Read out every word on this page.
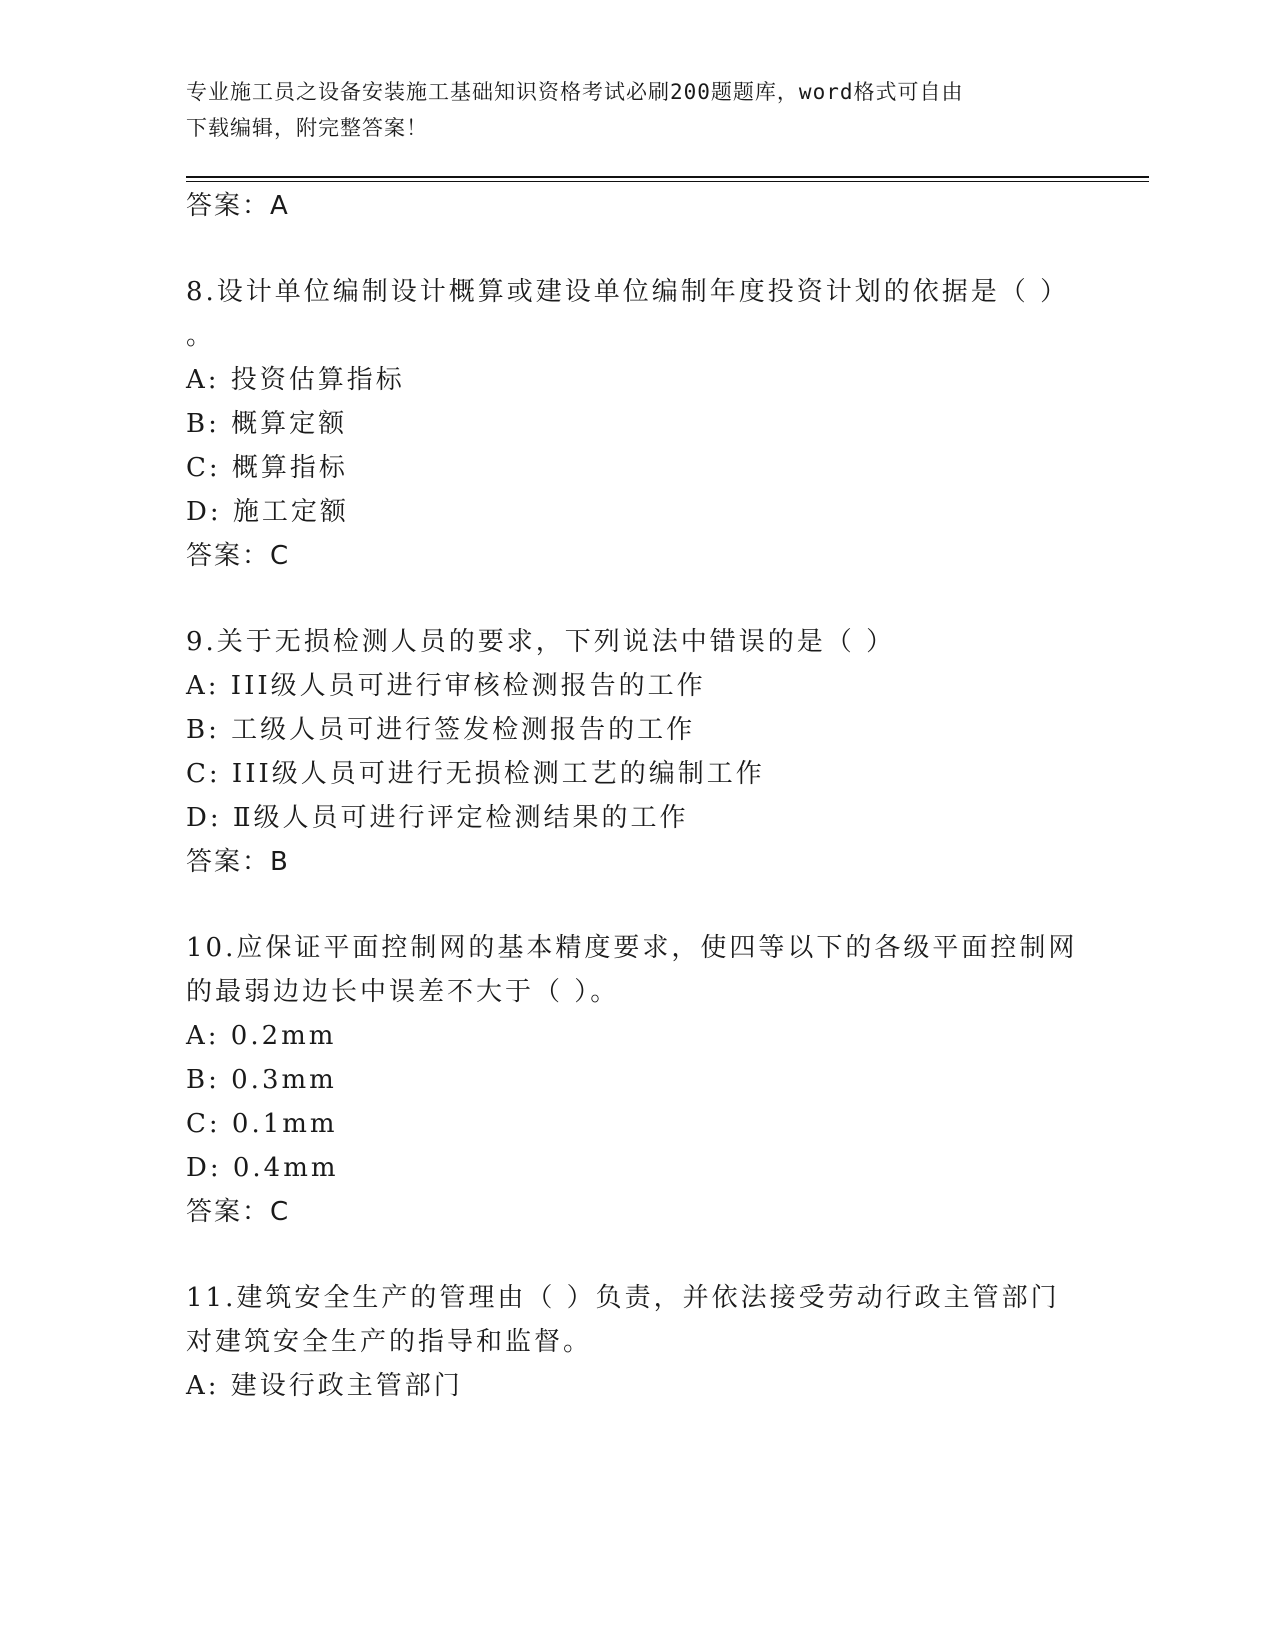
专业施工员之设备安装施工基础知识资格考试必刷200题题库，word格式可自由
下载编辑，附完整答案！
答案：A
8.设计单位编制设计概算或建设单位编制年度投资计划的依据是（ ）
。
A: 投资估算指标
B: 概算定额
C: 概算指标
D: 施工定额
答案：C
9.关于无损检测人员的要求，下列说法中错误的是（ ）
A: III级人员可进行审核检测报告的工作
B: 工级人员可进行签发检测报告的工作
C: III级人员可进行无损检测工艺的编制工作
D: Ⅱ级人员可进行评定检测结果的工作
答案：B
10.应保证平面控制网的基本精度要求，使四等以下的各级平面控制网
的最弱边边长中误差不大于（ ）。
A: 0.2mm
B: 0.3mm
C: 0.1mm
D: 0.4mm
答案：C
11.建筑安全生产的管理由（ ）负责，并依法接受劳动行政主管部门
对建筑安全生产的指导和监督。
A: 建设行政主管部门
